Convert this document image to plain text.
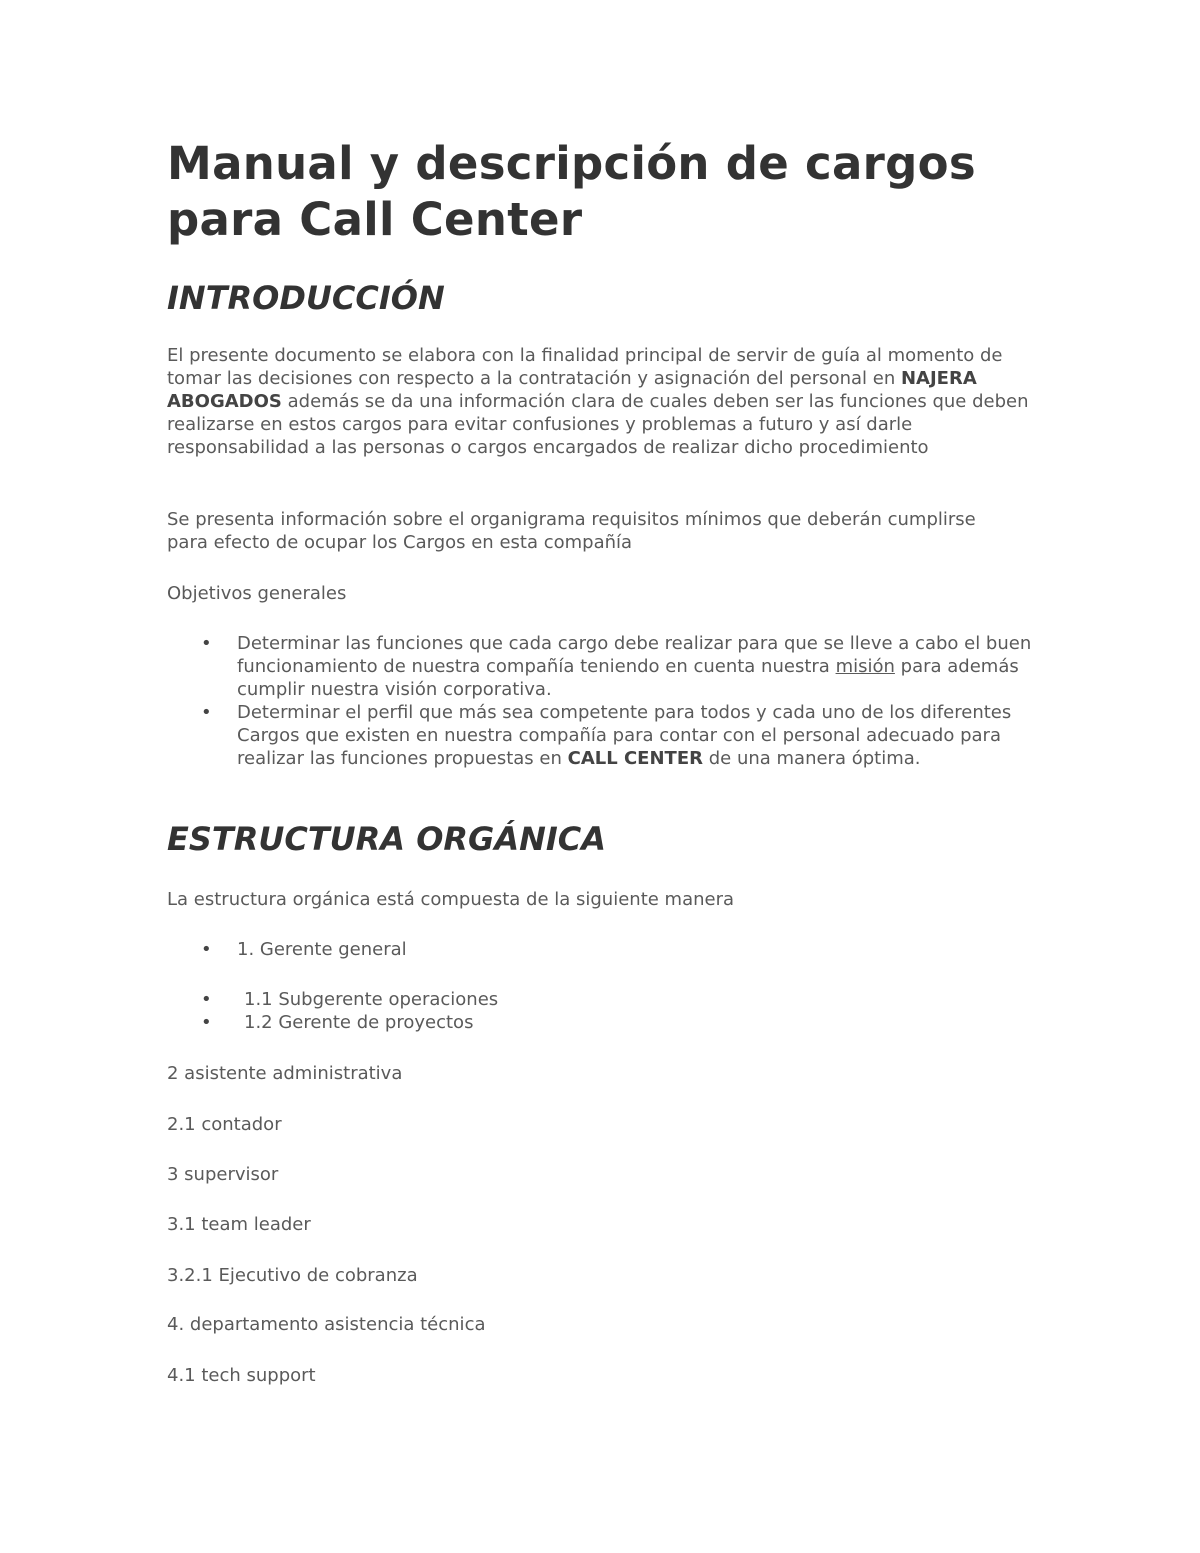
Manual y descripción de cargos para Call Center
INTRODUCCIÓN

El presente documento se elabora con la finalidad principal de servir de guía al momento de tomar las decisiones con respecto a la contratación y asignación del personal en NAJERA ABOGADOS además se da una información clara de cuales deben ser las funciones que deben realizarse en estos cargos para evitar confusiones y problemas a futuro y así darle responsabilidad a las personas o cargos encargados de realizar dicho procedimiento

Se presenta información sobre el organigrama requisitos mínimos que deberán cumplirse para efecto de ocupar los Cargos en esta compañía

Objetivos generales

• Determinar las funciones que cada cargo debe realizar para que se lleve a cabo el buen funcionamiento de nuestra compañía teniendo en cuenta nuestra misión para además cumplir nuestra visión corporativa.
• Determinar el perfil que más sea competente para todos y cada uno de los diferentes Cargos que existen en nuestra compañía para contar con el personal adecuado para realizar las funciones propuestas en CALL CENTER de una manera óptima.
ESTRUCTURA ORGÁNICA

La estructura orgánica está compuesta de la siguiente manera

• 1. Gerente general
• 1.1 Subgerente operaciones
• 1.2 Gerente de proyectos

2 asistente administrativa

2.1 contador

3 supervisor

3.1 team leader

3.2.1 Ejecutivo de cobranza

4. departamento asistencia técnica

4.1 tech support
